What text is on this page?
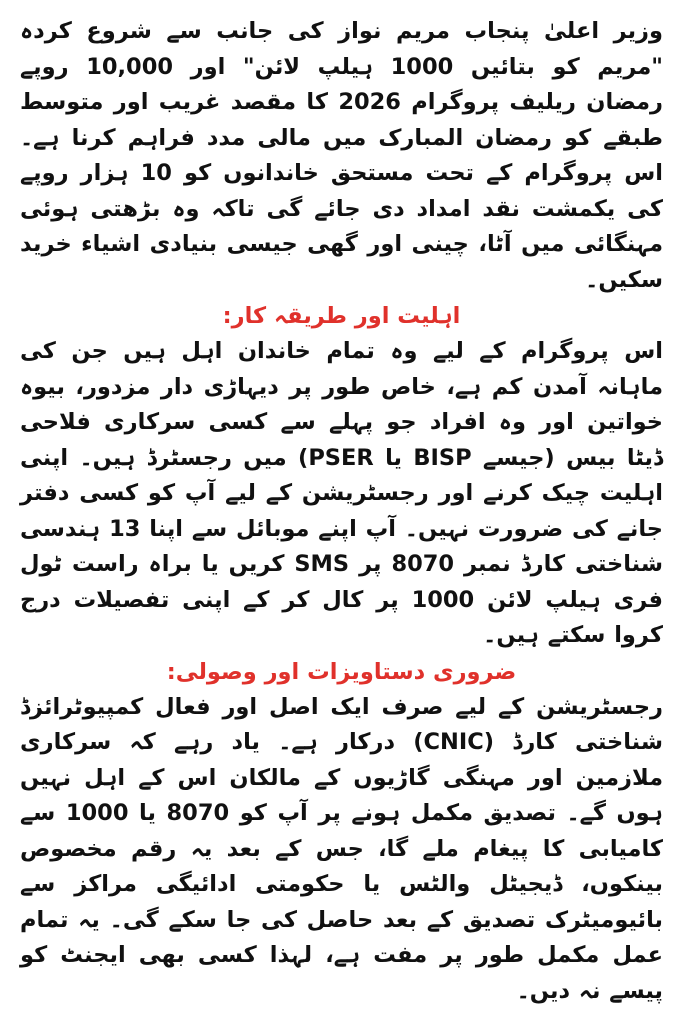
وزیر اعلیٰ پنجاب مریم نواز کی جانب سے شروع کردہ "مریم کو بتائیں 1000 ہیلپ لائن" اور 10,000 روپے رمضان ریلیف پروگرام 2026 کا مقصد غریب اور متوسط طبقے کو رمضان المبارک میں مالی مدد فراہم کرنا ہے۔ اس پروگرام کے تحت مستحق خاندانوں کو 10 ہزار روپے کی یکمشت نقد امداد دی جائے گی تاکہ وہ بڑھتی ہوئی مہنگائی میں آٹا، چینی اور گھی جیسی بنیادی اشیاء خرید سکیں۔

اہلیت اور طریقہ کار:

اس پروگرام کے لیے وہ تمام خاندان اہل ہیں جن کی ماہانہ آمدن کم ہے، خاص طور پر دیہاڑی دار مزدور، بیوہ خواتین اور وہ افراد جو پہلے سے کسی سرکاری فلاحی ڈیٹا بیس (جیسے BISP یا PSER) میں رجسٹرڈ ہیں۔ اپنی اہلیت چیک کرنے اور رجسٹریشن کے لیے آپ کو کسی دفتر جانے کی ضرورت نہیں۔ آپ اپنے موبائل سے اپنا 13 ہندسی شناختی کارڈ نمبر 8070 پر SMS کریں یا براہ راست ٹول فری ہیلپ لائن 1000 پر کال کر کے اپنی تفصیلات درج کروا سکتے ہیں۔

ضروری دستاویزات اور وصولی:

رجسٹریشن کے لیے صرف ایک اصل اور فعال کمپیوٹرائزڈ شناختی کارڈ (CNIC) درکار ہے۔ یاد رہے کہ سرکاری ملازمین اور مہنگی گاڑیوں کے مالکان اس کے اہل نہیں ہوں گے۔ تصدیق مکمل ہونے پر آپ کو 8070 یا 1000 سے کامیابی کا پیغام ملے گا، جس کے بعد یہ رقم مخصوص بینکوں، ڈیجیٹل والٹس یا حکومتی ادائیگی مراکز سے بائیومیٹرک تصدیق کے بعد حاصل کی جا سکے گی۔ یہ تمام عمل مکمل طور پر مفت ہے، لہذا کسی بھی ایجنٹ کو پیسے نہ دیں۔
